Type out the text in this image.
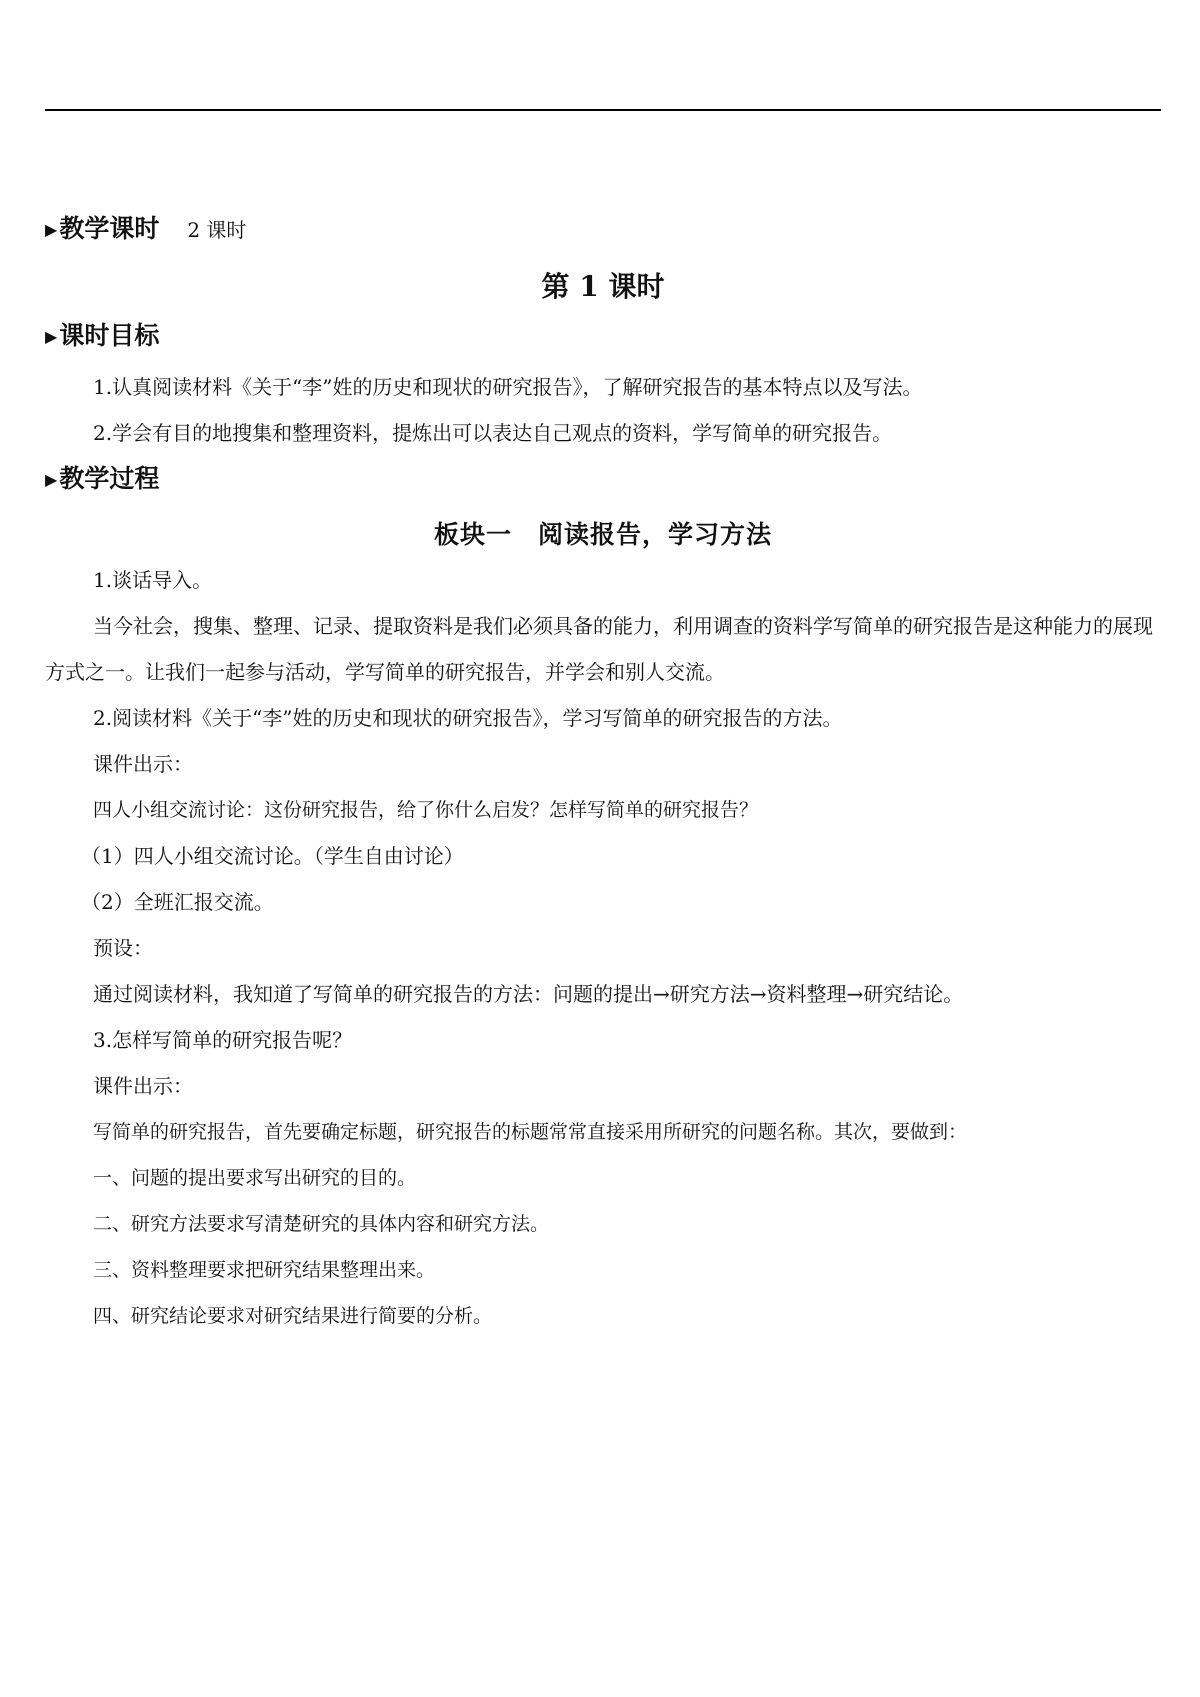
▶ 教学课时 2 课时
第 1 课时
▶ 课时目标

1.认真阅读材料《关于“李”姓的历史和现状的研究报告》，了解研究报告的基本特点以及写法。

2.学会有目的地搜集和整理资料，提炼出可以表达自己观点的资料，学写简单的研究报告。

▶ 教学过程
板块一　阅读报告，学习方法

1.谈话导入。

当今社会，搜集、整理、记录、提取资料是我们必须具备的能力，利用调查的资料学写简单的研究报告是这种能力的展现方式之一。让我们一起参与活动，学写简单的研究报告，并学会和别人交流。

2.阅读材料《关于“李”姓的历史和现状的研究报告》，学习写简单的研究报告的方法。

课件出示：

四人小组交流讨论：这份研究报告，给了你什么启发？怎样写简单的研究报告？

（1）四人小组交流讨论。（学生自由讨论）

（2）全班汇报交流。

预设：

通过阅读材料，我知道了写简单的研究报告的方法：问题的提出→研究方法→资料整理→研究结论。

3.怎样写简单的研究报告呢？

课件出示：

写简单的研究报告，首先要确定标题，研究报告的标题常常直接采用所研究的问题名称。其次，要做到：

一、问题的提出要求写出研究的目的。

二、研究方法要求写清楚研究的具体内容和研究方法。

三、资料整理要求把研究结果整理出来。

四、研究结论要求对研究结果进行简要的分析。
